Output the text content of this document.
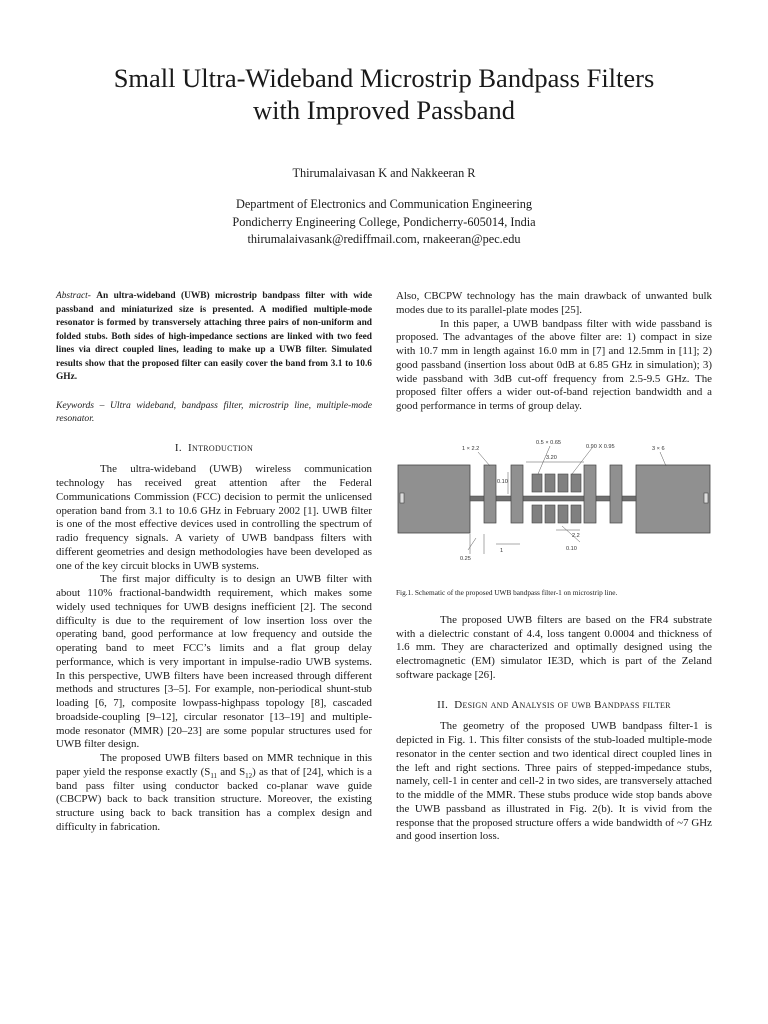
Small Ultra-Wideband Microstrip Bandpass Filters
with Improved Passband
Thirumalaivasan K and Nakkeeran R
Department of Electronics and Communication Engineering
Pondicherry Engineering College, Pondicherry-605014, India
thirumalaivasank@rediffmail.com, rnakeeran@pec.edu

Abstract- An ultra-wideband (UWB) microstrip bandpass filter with wide passband and miniaturized size is presented. A modified multiple-mode resonator is formed by transversely attaching three pairs of non-uniform and folded stubs. Both sides of high-impedance sections are linked with two feed lines via direct coupled lines, leading to make up a UWB filter. Simulated results show that the proposed filter can easily cover the band from 3.1 to 10.6 GHz.

Keywords – Ultra wideband, bandpass filter, microstrip line, multiple-mode resonator.

I. Introduction

The ultra-wideband (UWB) wireless communication technology has received great attention after the Federal Communications Commission (FCC) decision to permit the unlicensed operation band from 3.1 to 10.6 GHz in February 2002 [1]. UWB filter is one of the most effective devices used in controlling the spectrum of radio frequency signals. A variety of UWB bandpass filters with different geometries and design methodologies have been developed as one of the key circuit blocks in UWB systems.

The first major difficulty is to design an UWB filter with about 110% fractional-bandwidth requirement, which makes some widely used techniques for UWB designs inefficient [2]. The second difficulty is due to the requirement of low insertion loss over the operating band, good performance at low frequency and outside the operating band to meet FCC’s limits and a flat group delay performance, which is very important in impulse-radio UWB systems. In this perspective, UWB filters have been increased through different methods and structures [3–5]. For example, non-periodical shunt-stub loading [6, 7], composite lowpass-highpass topology [8], cascaded broadside-coupling [9–12], circular resonator [13–19] and multiple-mode resonator (MMR) [20–23] are some popular structures used for UWB filter design.

The proposed UWB filters based on MMR technique in this paper yield the response exactly ($S_{11}$ and $S_{12}$) as that of [24], which is a band pass filter using conductor backed co-planar wave guide (CBCPW) back to back transition structure. Moreover, the existing structure using back to back transition has a complex design and difficulty in fabrication.

Also, CBCPW technology has the main drawback of unwanted bulk modes due to its parallel-plate modes [25].

In this paper, a UWB bandpass filter with wide passband is proposed. The advantages of the above filter are: 1) compact in size with 10.7 mm in length against 16.0 mm in [7] and 12.5mm in [11]; 2) good passband (insertion loss about 0dB at 6.85 GHz in simulation); 3) wide passband with 3dB cut-off frequency from 2.5-9.5 GHz. The proposed filter offers a wider out-of-band rejection bandwidth and a good performance in terms of group delay.

0.5 × 0.65
0.90 X 0.95
1 × 2.2
3.20
3 × 6
0.10
2.2
0.10
1
0.25

Fig.1. Schematic of the proposed UWB bandpass filter-1 on microstrip line.

The proposed UWB filters are based on the FR4 substrate with a dielectric constant of 4.4, loss tangent 0.0004 and thickness of 1.6 mm. They are characterized and optimally designed using the electromagnetic (EM) simulator IE3D, which is part of the Zeland software package [26].

II. Design and Analysis of uwb Bandpass filter

The geometry of the proposed UWB bandpass filter-1 is depicted in Fig. 1. This filter consists of the stub-loaded multiple-mode resonator in the center section and two identical direct coupled lines in the left and right sections. Three pairs of stepped-impedance stubs, namely, cell-1 in center and cell-2 in two sides, are transversely attached to the middle of the MMR. These stubs produce wide stop bands above the UWB passband as illustrated in Fig. 2(b). It is vivid from the response that the proposed structure offers a wide bandwidth of ~7 GHz and good insertion loss.
